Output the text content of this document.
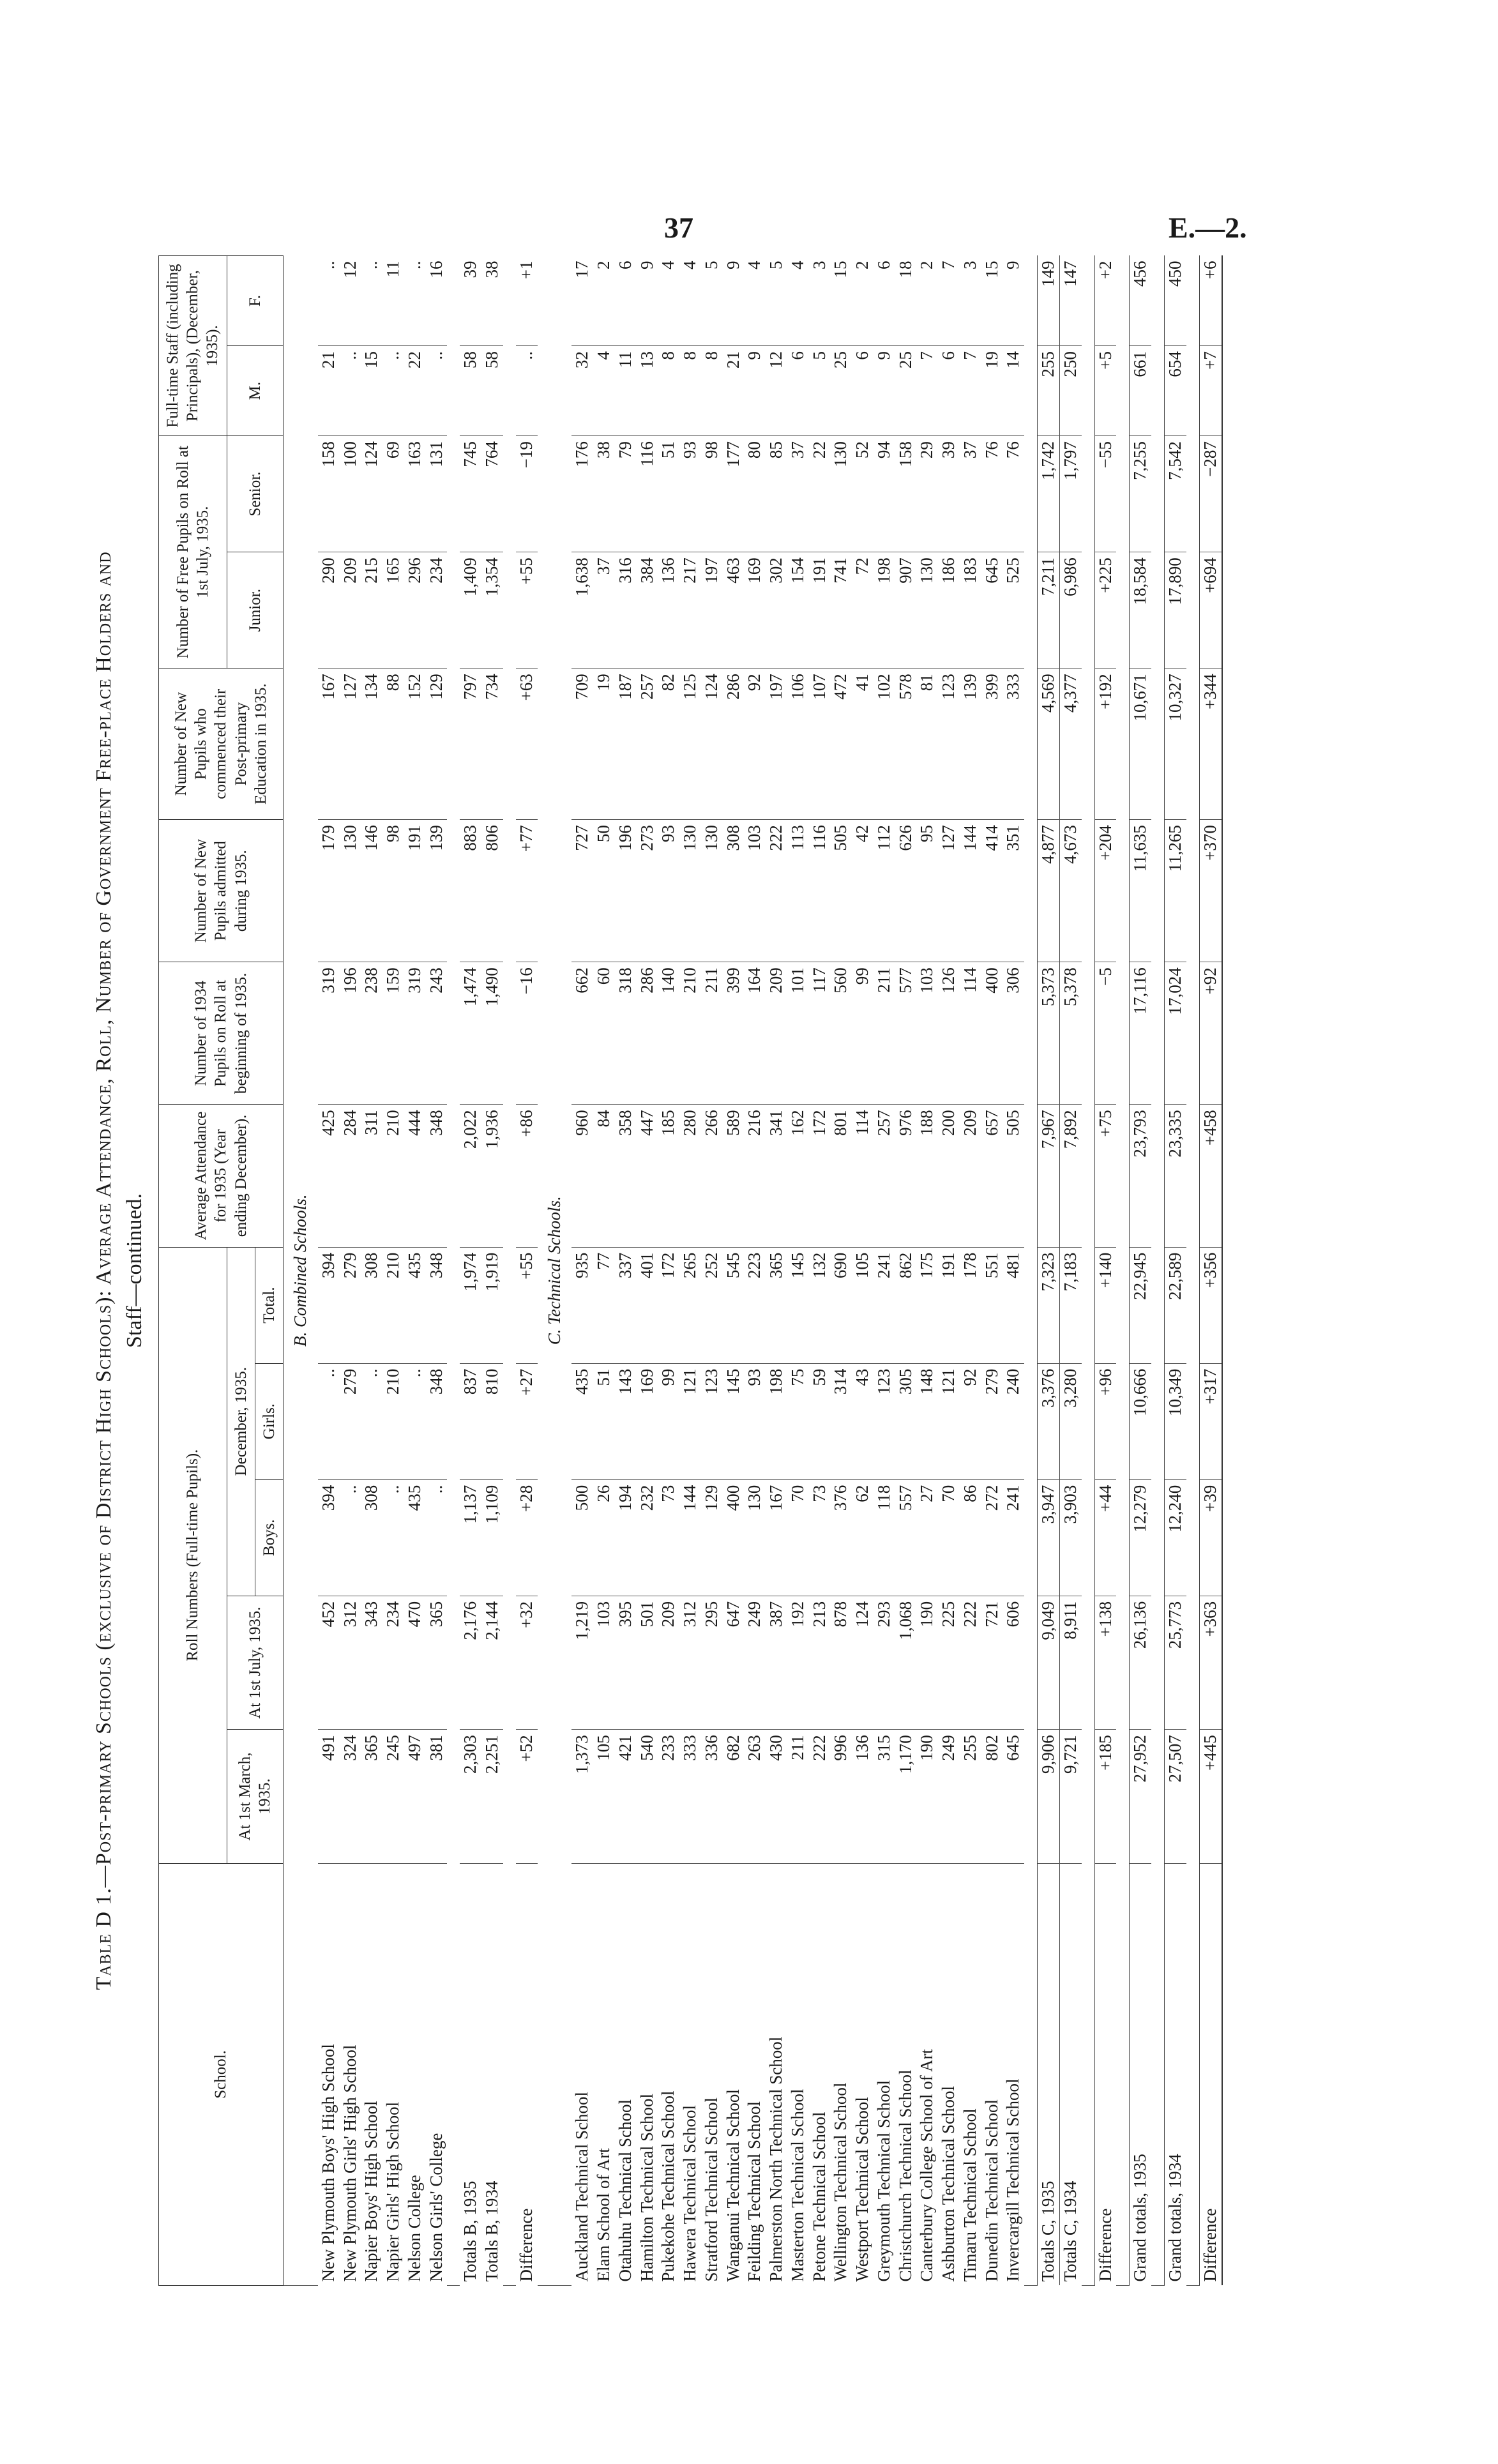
37	E.—2.
Table D 1.—Post-primary Schools (exclusive of District High Schools): Average Attendance, Roll, Number of Government Free-place Holders and Staff—continued.
School.	Roll Numbers (Full-time Pupils).					Average Attendance for 1935 (Year ending December).	Number of 1934 Pupils on Roll at beginning of 1935.	Number of New Pupils admitted during 1935.	Number of New Pupils who commenced their Post-primary Education in 1935.	Number of Free Pupils on Roll at 1st July, 1935.		Full-time Staff (including Principals), (December, 1935).	
	At 1st March, 1935.	At 1st July, 1935.	December, 1935.							Junior.	Senior.	M.	F.
			Boys.	Girls.	Total.								
B. Combined Schools.													
New Plymouth Boys' High School	491	452	394	..	394	425	319	179	167	290	158	21	..
New Plymouth Girls' High School	324	312	..	279	279	284	196	130	127	209	100	..	12
Napier Boys' High School	365	343	308	..	308	311	238	146	134	215	124	15	..
Napier Girls' High School	245	234	..	210	210	210	159	98	88	165	69	..	11
Nelson College	497	470	435	..	435	444	319	191	152	296	163	22	..
Nelson Girls' College	381	365	..	348	348	348	243	139	129	234	131	..	16

Totals B, 1935	2,303	2,176	1,137	837	1,974	2,022	1,474	883	797	1,409	745	58	39
Totals B, 1934	2,251	2,144	1,109	810	1,919	1,936	1,490	806	734	1,354	764	58	38

Difference	+52	+32	+28	+27	+55	+86	−16	+77	+63	+55	−19	..	+1
C. Technical Schools.													
Auckland Technical School	1,373	1,219	500	435	935	960	662	727	709	1,638	176	32	17
Elam School of Art	105	103	26	51	77	84	60	50	19	37	38	4	2
Otahuhu Technical School	421	395	194	143	337	358	318	196	187	316	79	11	6
Hamilton Technical School	540	501	232	169	401	447	286	273	257	384	116	13	9
Pukekohe Technical School	233	209	73	99	172	185	140	93	82	136	51	8	4
Hawera Technical School	333	312	144	121	265	280	210	130	125	217	93	8	4
Stratford Technical School	336	295	129	123	252	266	211	130	124	197	98	8	5
Wanganui Technical School	682	647	400	145	545	589	399	308	286	463	177	21	9
Feilding Technical School	263	249	130	93	223	216	164	103	92	169	80	9	4
Palmerston North Technical School	430	387	167	198	365	341	209	222	197	302	85	12	5
Masterton Technical School	211	192	70	75	145	162	101	113	106	154	37	6	4
Petone Technical School	222	213	73	59	132	172	117	116	107	191	22	5	3
Wellington Technical School	996	878	376	314	690	801	560	505	472	741	130	25	15
Westport Technical School	136	124	62	43	105	114	99	42	41	72	52	6	2
Greymouth Technical School	315	293	118	123	241	257	211	112	102	198	94	9	6
Christchurch Technical School	1,170	1,068	557	305	862	976	577	626	578	907	158	25	18
Canterbury College School of Art	190	190	27	148	175	188	103	95	81	130	29	7	2
Ashburton Technical School	249	225	70	121	191	200	126	127	123	186	39	6	7
Timaru Technical School	255	222	86	92	178	209	114	144	139	183	37	7	3
Dunedin Technical School	802	721	272	279	551	657	400	414	399	645	76	19	15
Invercargill Technical School	645	606	241	240	481	505	306	351	333	525	76	14	9

Totals C, 1935	9,906	9,049	3,947	3,376	7,323	7,967	5,373	4,877	4,569	7,211	1,742	255	149
Totals C, 1934	9,721	8,911	3,903	3,280	7,183	7,892	5,378	4,673	4,377	6,986	1,797	250	147

Difference	+185	+138	+44	+96	+140	+75	−5	+204	+192	+225	−55	+5	+2

Grand totals, 1935	27,952	26,136	12,279	10,666	22,945	23,793	17,116	11,635	10,671	18,584	7,255	661	456

Grand totals, 1934	27,507	25,773	12,240	10,349	22,589	23,335	17,024	11,265	10,327	17,890	7,542	654	450

Difference	+445	+363	+39	+317	+356	+458	+92	+370	+344	+694	−287	+7	+6
